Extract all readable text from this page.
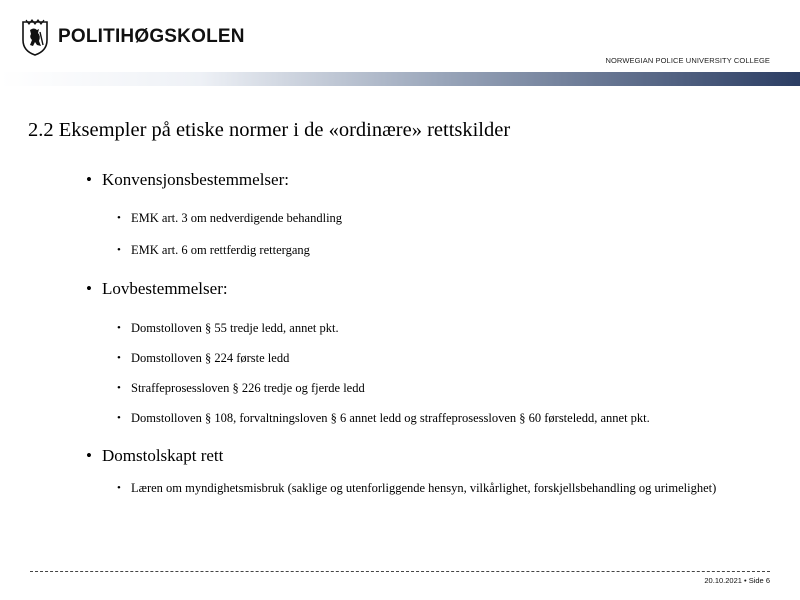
POLITIHØGSKOLEN
NORWEGIAN POLICE UNIVERSITY COLLEGE
2.2 Eksempler på etiske normer i de «ordinære» rettskilder
• Konvensjonsbestemmelser:
• EMK art. 3 om nedverdigende behandling
• EMK art. 6 om rettferdig rettergang
• Lovbestemmelser:
• Domstolloven § 55 tredje ledd, annet pkt.
• Domstolloven § 224 første ledd
• Straffeprosessloven § 226 tredje og fjerde ledd
• Domstolloven § 108, forvaltningsloven § 6 annet ledd og straffeprosessloven § 60 førsteledd, annet pkt.
• Domstolskapt rett
• Læren om myndighetsmisbruk (saklige og utenforliggende hensyn, vilkårlighet, forskjellsbehandling og urimelighet)
20.10.2021 • Side 6
